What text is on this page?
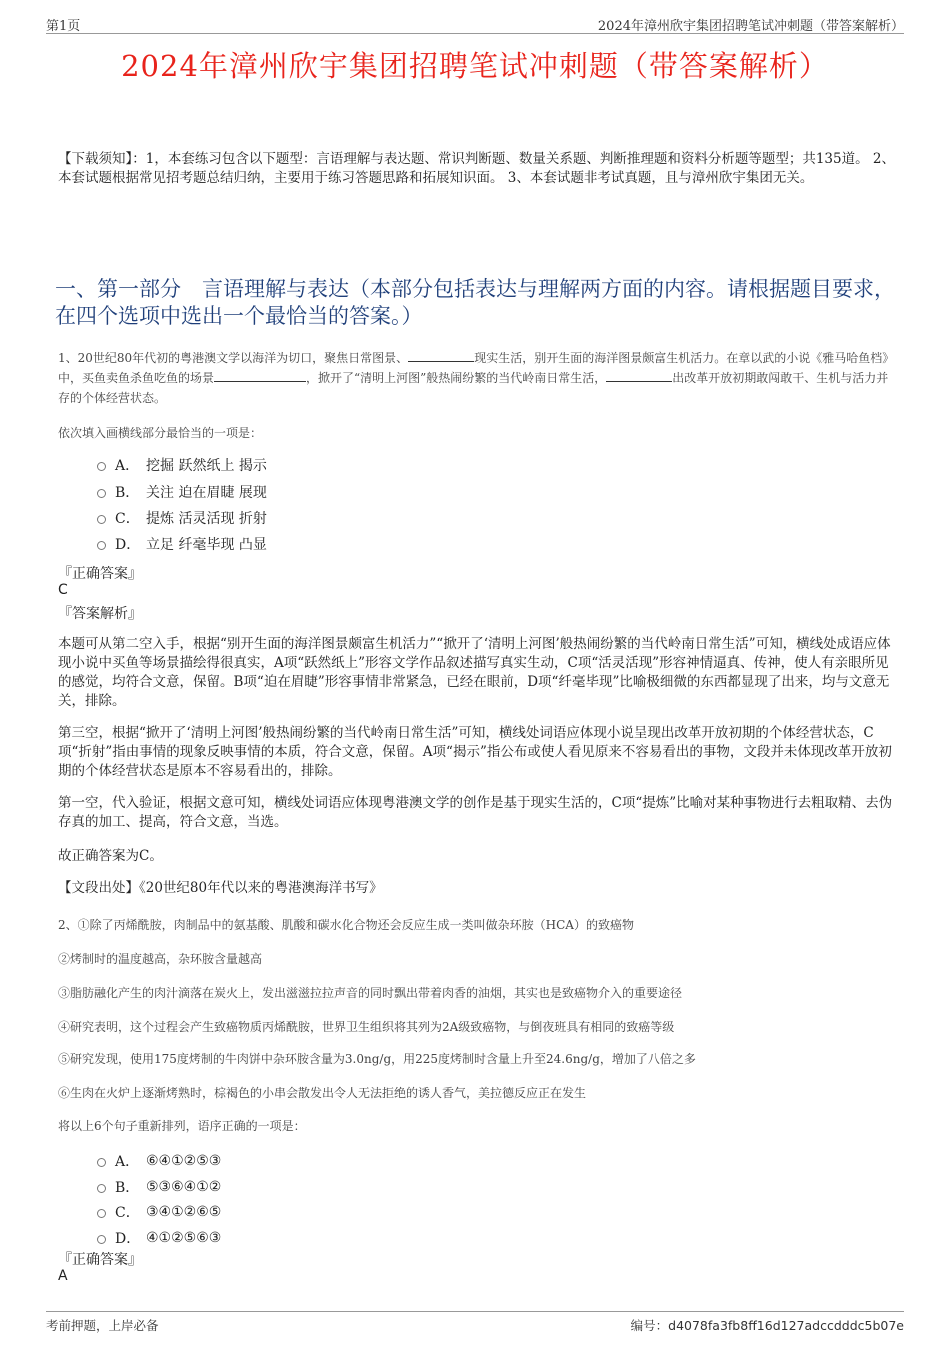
第1页	2024年漳州欣宇集团招聘笔试冲刺题（带答案解析）
2024年漳州欣宇集团招聘笔试冲刺题（带答案解析）
【下载须知】：1，本套练习包含以下题型：言语理解与表达题、常识判断题、数量关系题、判断推理题和资料分析题等题型；共135道。 2、本套试题根据常见招考题总结归纳，主要用于练习答题思路和拓展知识面。 3、本套试题非考试真题，且与漳州欣宇集团无关。
一、第一部分　言语理解与表达（本部分包括表达与理解两方面的内容。请根据题目要求，在四个选项中选出一个最恰当的答案。）
1、20世纪80年代初的粤港澳文学以海洋为切口，聚焦日常图景、	现实生活，别开生面的海洋图景颇富生机活力。在章以武的小说《雅马哈鱼档》中，买鱼卖鱼杀鱼吃鱼的场景	，掀开了“清明上河图”般热闹纷繁的当代岭南日常生活，	出改革开放初期敢闯敢干、生机与活力并存的个体经营状态。
依次填入画横线部分最恰当的一项是：
A． 挖掘 跃然纸上 揭示
B． 关注 迫在眉睫 展现
C． 提炼 活灵活现 折射
D． 立足 纤毫毕现 凸显
『正确答案』
C
『答案解析』
本题可从第二空入手，根据“别开生面的海洋图景颇富生机活力”“掀开了‘清明上河图’般热闹纷繁的当代岭南日常生活”可知，横线处成语应体现小说中买鱼等场景描绘得很真实，A项“跃然纸上”形容文学作品叙述描写真实生动，C项“活灵活现”形容神情逼真、传神，使人有亲眼所见的感觉，均符合文意，保留。B项“迫在眉睫”形容事情非常紧急，已经在眼前，D项“纤毫毕现”比喻极细微的东西都显现了出来，均与文意无关，排除。
第三空，根据“掀开了‘清明上河图’般热闹纷繁的当代岭南日常生活”可知，横线处词语应体现小说呈现出改革开放初期的个体经营状态，C项“折射”指由事情的现象反映事情的本质，符合文意，保留。A项“揭示”指公布或使人看见原来不容易看出的事物，文段并未体现改革开放初期的个体经营状态是原本不容易看出的，排除。
第一空，代入验证，根据文意可知，横线处词语应体现粤港澳文学的创作是基于现实生活的，C项“提炼”比喻对某种事物进行去粗取精、去伪存真的加工、提高，符合文意，当选。
故正确答案为C。
【文段出处】《20世纪80年代以来的粤港澳海洋书写》
2、①除了丙烯酰胺，肉制品中的氨基酸、肌酸和碳水化合物还会反应生成一类叫做杂环胺（HCA）的致癌物
②烤制时的温度越高，杂环胺含量越高
③脂肪融化产生的肉汁滴落在炭火上，发出滋滋拉拉声音的同时飘出带着肉香的油烟，其实也是致癌物介入的重要途径
④研究表明，这个过程会产生致癌物质丙烯酰胺，世界卫生组织将其列为2A级致癌物，与倒夜班具有相同的致癌等级
⑤研究发现，使用175度烤制的牛肉饼中杂环胺含量为3.0ng/g，用225度烤制时含量上升至24.6ng/g，增加了八倍之多
⑥生肉在火炉上逐渐烤熟时，棕褐色的小串会散发出令人无法拒绝的诱人香气，美拉德反应正在发生
将以上6个句子重新排列，语序正确的一项是：
A． ⑥④①②⑤③
B． ⑤③⑥④①②
C． ③④①②⑥⑤
D． ④①②⑤⑥③
『正确答案』
A
考前押题，上岸必备	编号：d4078fa3fb8ff16d127adccdddc5b07e
